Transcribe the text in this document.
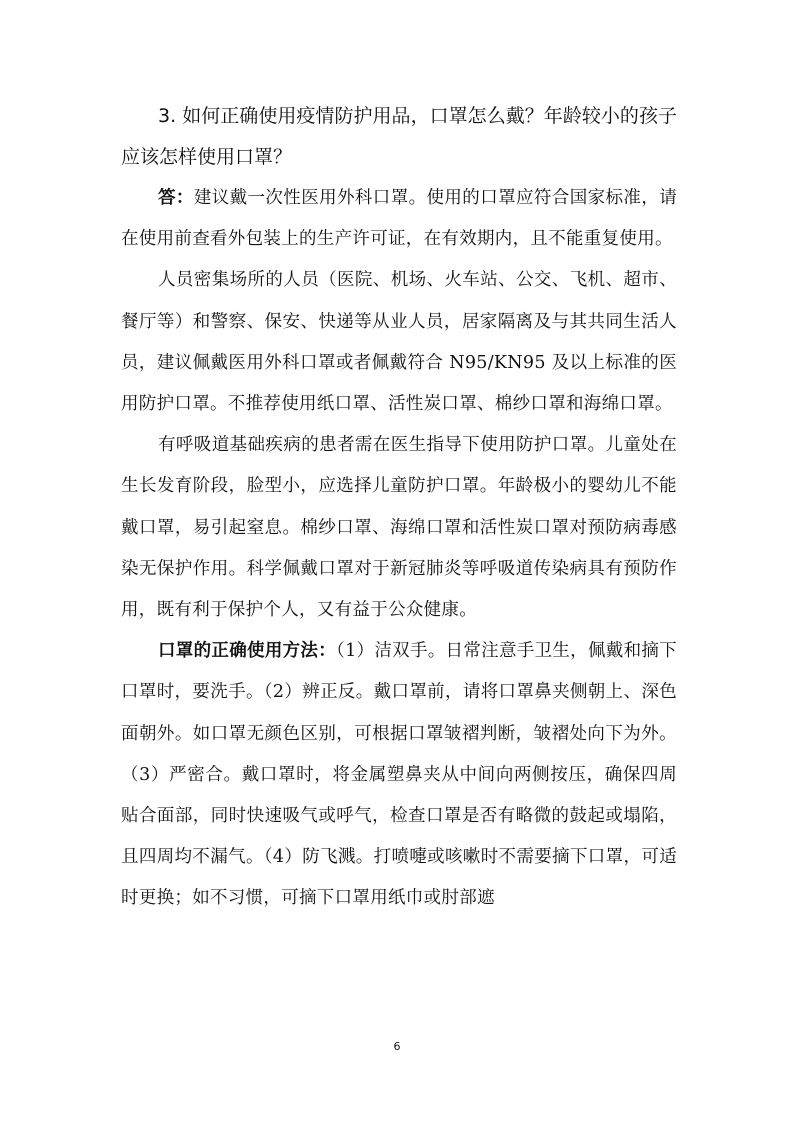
3. 如何正确使用疫情防护用品，口罩怎么戴？年龄较小的孩子应该怎样使用口罩？

答：建议戴一次性医用外科口罩。使用的口罩应符合国家标准，请在使用前查看外包装上的生产许可证，在有效期内，且不能重复使用。

人员密集场所的人员（医院、机场、火车站、公交、飞机、超市、餐厅等）和警察、保安、快递等从业人员，居家隔离及与其共同生活人员，建议佩戴医用外科口罩或者佩戴符合 N95/KN95 及以上标准的医用防护口罩。不推荐使用纸口罩、活性炭口罩、棉纱口罩和海绵口罩。

有呼吸道基础疾病的患者需在医生指导下使用防护口罩。儿童处在生长发育阶段，脸型小，应选择儿童防护口罩。年龄极小的婴幼儿不能戴口罩，易引起窒息。棉纱口罩、海绵口罩和活性炭口罩对预防病毒感染无保护作用。科学佩戴口罩对于新冠肺炎等呼吸道传染病具有预防作用，既有利于保护个人，又有益于公众健康。

口罩的正确使用方法：（1）洁双手。日常注意手卫生，佩戴和摘下口罩时，要洗手。（2）辨正反。戴口罩前，请将口罩鼻夹侧朝上、深色面朝外。如口罩无颜色区别，可根据口罩皱褶判断，皱褶处向下为外。（3）严密合。戴口罩时，将金属塑鼻夹从中间向两侧按压，确保四周贴合面部，同时快速吸气或呼气，检查口罩是否有略微的鼓起或塌陷，且四周均不漏气。（4）防飞溅。打喷嚏或咳嗽时不需要摘下口罩，可适时更换；如不习惯，可摘下口罩用纸巾或肘部遮

6
